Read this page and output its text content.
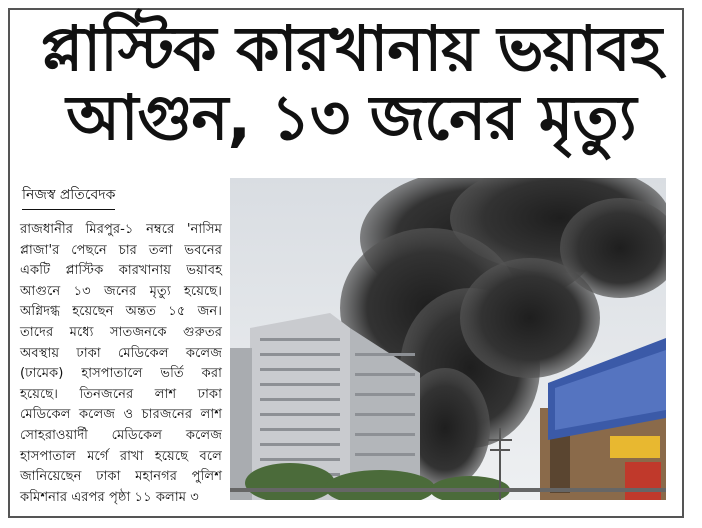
প্লাস্টিক কারখানায় ভয়াবহ
আগুন, ১৩ জনের মৃত্যু
নিজস্ব প্রতিবেদক
রাজধানীর মিরপুর-১ নম্বরে 'নাসিম প্লাজা'র পেছনে চার তলা ভবনের একটি প্লাস্টিক কারখানায় ভয়াবহ আগুনে ১৩ জনের মৃত্যু হয়েছে। অগ্নিদগ্ধ হয়েছেন অন্তত ১৫ জন। তাদের মধ্যে সাতজনকে গুরুতর অবস্থায় ঢাকা মেডিকেল কলেজ (ঢামেক) হাসপাতালে ভর্তি করা হয়েছে। তিনজনের লাশ ঢাকা মেডিকেল কলেজ ও চারজনের লাশ সোহরাওয়ার্দী মেডিকেল কলেজ হাসপাতাল মর্গে রাখা হয়েছে বলে জানিয়েছেন ঢাকা মহানগর পুলিশ কমিশনার এরপর পৃষ্ঠা ১১ কলাম ৩
